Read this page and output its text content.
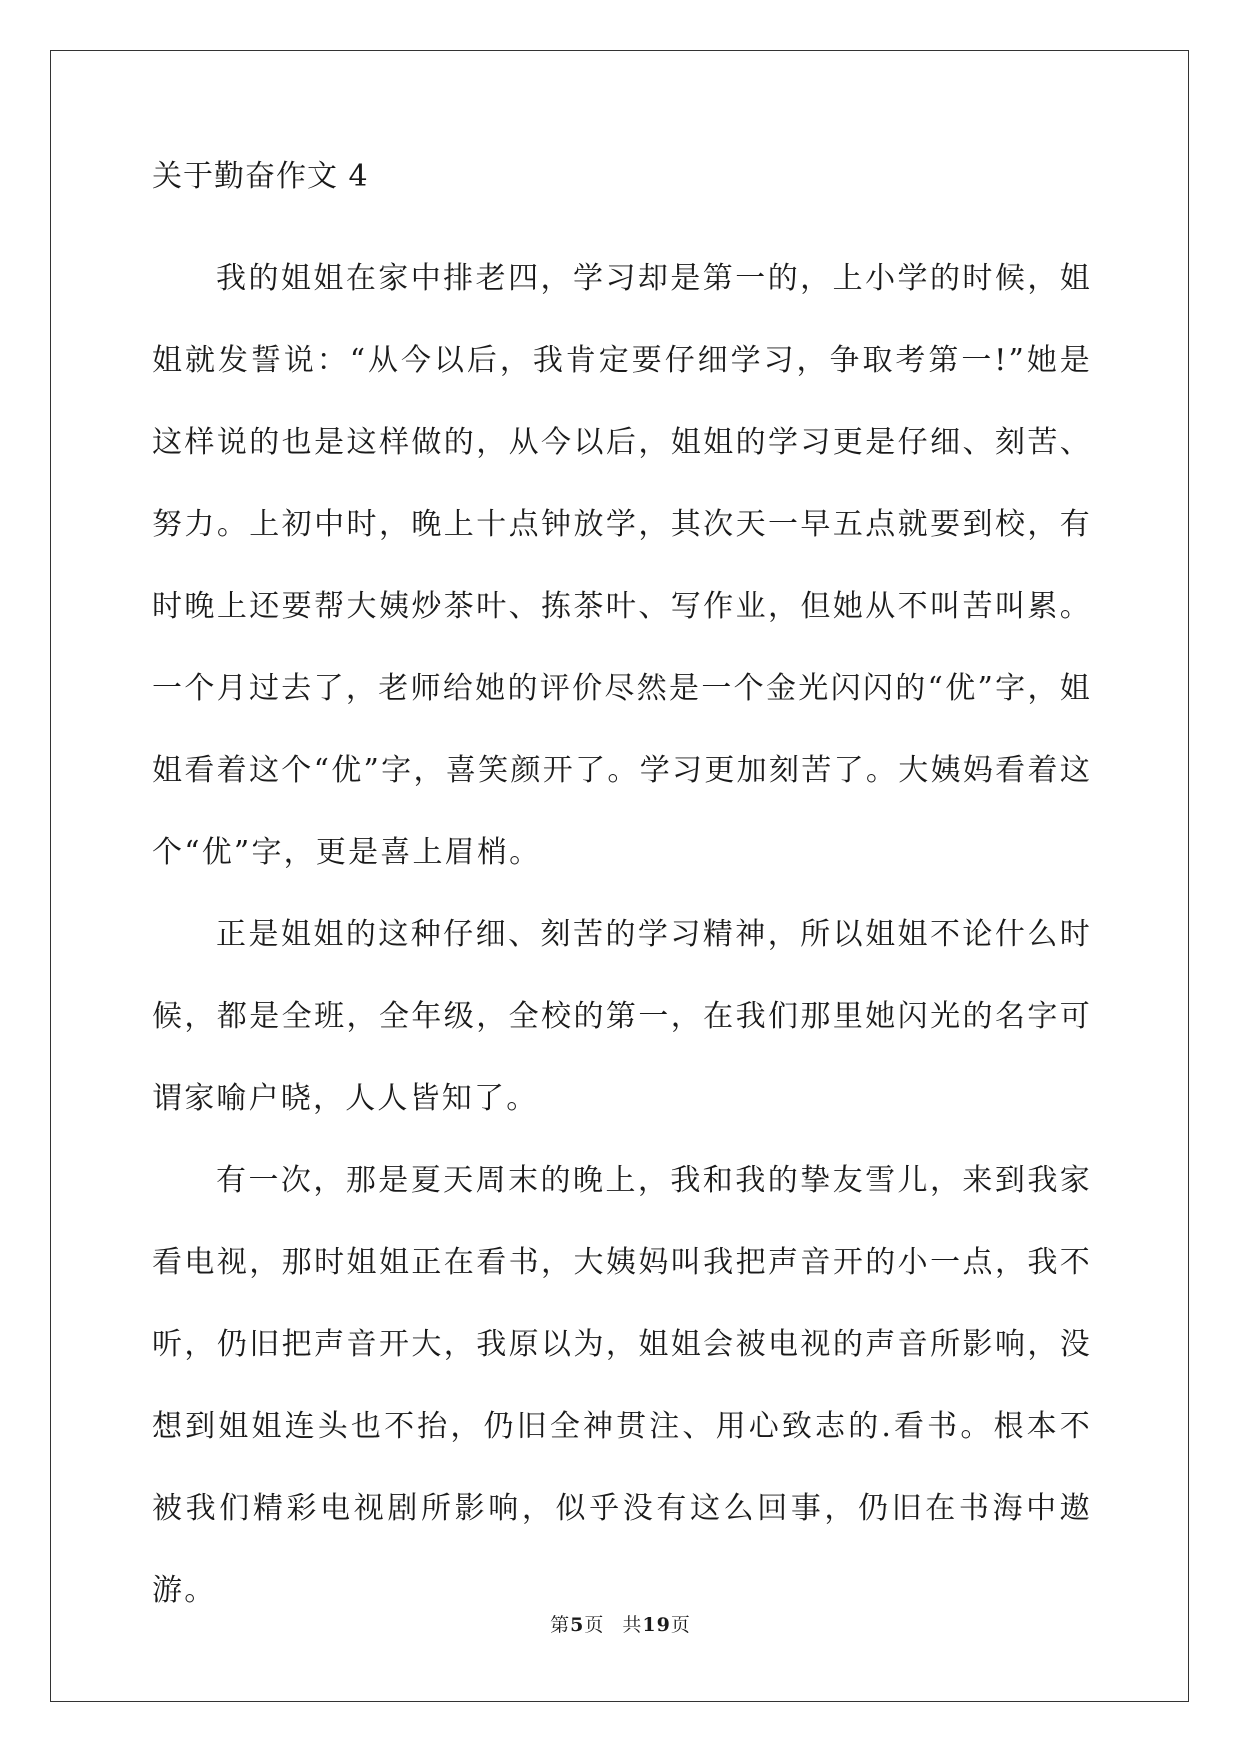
关于勤奋作文 4

我的姐姐在家中排老四，学习却是第一的，上小学的时候，姐姐就发誓说：“从今以后，我肯定要仔细学习，争取考第一!”她是这样说的也是这样做的，从今以后，姐姐的学习更是仔细、刻苦、努力。上初中时，晚上十点钟放学，其次天一早五点就要到校，有时晚上还要帮大姨炒茶叶、拣茶叶、写作业，但她从不叫苦叫累。一个月过去了，老师给她的评价尽然是一个金光闪闪的“优”字，姐姐看着这个“优”字，喜笑颜开了。学习更加刻苦了。大姨妈看着这个“优”字，更是喜上眉梢。

正是姐姐的这种仔细、刻苦的学习精神，所以姐姐不论什么时候，都是全班，全年级，全校的第一，在我们那里她闪光的名字可谓家喻户晓，人人皆知了。

有一次，那是夏天周末的晚上，我和我的挚友雪儿，来到我家看电视，那时姐姐正在看书，大姨妈叫我把声音开的小一点，我不听，仍旧把声音开大，我原以为，姐姐会被电视的声音所影响，没想到姐姐连头也不抬，仍旧全神贯注、用心致志的.看书。根本不被我们精彩电视剧所影响，似乎没有这么回事，仍旧在书海中遨游。

第5页 共19页
